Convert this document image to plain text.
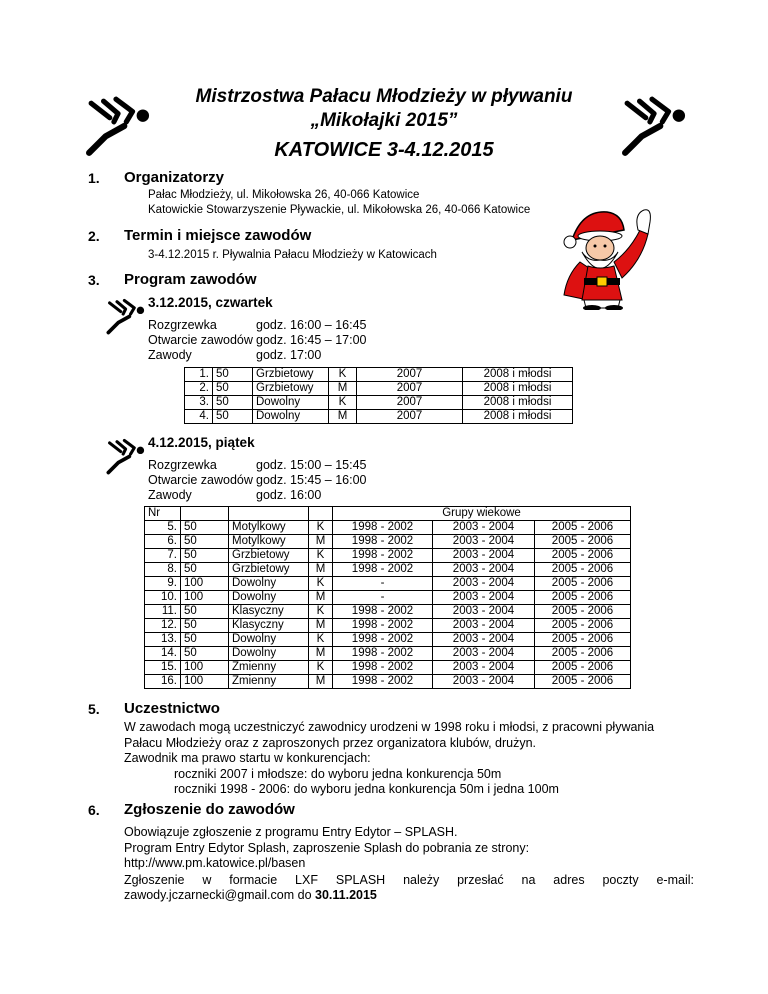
Mistrzostwa Pałacu Młodzieży w pływaniu
„Mikołajki 2015”
KATOWICE 3-4.12.2015
1. Organizatorzy
Pałac Młodzieży, ul. Mikołowska 26, 40-066 Katowice
Katowickie Stowarzyszenie Pływackie, ul. Mikołowska 26, 40-066 Katowice
2. Termin i miejsce zawodów
3-4.12.2015 r. Pływalnia Pałacu Młodzieży w Katowicach
3. Program zawodów
3.12.2015, czwartek
Rozgrzewka	godz. 16:00 – 16:45
Otwarcie zawodów	godz. 16:45 – 17:00
Zawody	godz. 17:00
1.	50	Grzbietowy	K	2007	2008 i młodsi
2.	50	Grzbietowy	M	2007	2008 i młodsi
3.	50	Dowolny	K	2007	2008 i młodsi
4.	50	Dowolny	M	2007	2008 i młodsi
4.12.2015, piątek
Rozgrzewka	godz. 15:00 – 15:45
Otwarcie zawodów	godz. 15:45 – 16:00
Zawody	godz. 16:00
Nr				Grupy wiekowe		
5.	50	Motylkowy	K	1998 - 2002	2003 - 2004	2005 - 2006
6.	50	Motylkowy	M	1998 - 2002	2003 - 2004	2005 - 2006
7.	50	Grzbietowy	K	1998 - 2002	2003 - 2004	2005 - 2006
8.	50	Grzbietowy	M	1998 - 2002	2003 - 2004	2005 - 2006
9.	100	Dowolny	K	-	2003 - 2004	2005 - 2006
10.	100	Dowolny	M	-	2003 - 2004	2005 - 2006
11.	50	Klasyczny	K	1998 - 2002	2003 - 2004	2005 - 2006
12.	50	Klasyczny	M	1998 - 2002	2003 - 2004	2005 - 2006
13.	50	Dowolny	K	1998 - 2002	2003 - 2004	2005 - 2006
14.	50	Dowolny	M	1998 - 2002	2003 - 2004	2005 - 2006
15.	100	Zmienny	K	1998 - 2002	2003 - 2004	2005 - 2006
16.	100	Zmienny	M	1998 - 2002	2003 - 2004	2005 - 2006
5. Uczestnictwo
W zawodach mogą uczestniczyć zawodnicy urodzeni w 1998 roku i młodsi, z pracowni pływania
Pałacu Młodzieży oraz z zaproszonych przez organizatora klubów, drużyn.
Zawodnik ma prawo startu w konkurencjach:
roczniki 2007 i młodsze: do wyboru jedna konkurencja 50m
roczniki 1998 - 2006: do wyboru jedna konkurencja 50m i jedna 100m
6. Zgłoszenie do zawodów
Obowiązuje zgłoszenie z programu Entry Edytor – SPLASH.
Program Entry Edytor Splash, zaproszenie Splash do pobrania ze strony:
http://www.pm.katowice.pl/basen
Zgłoszenie w formacie LXF SPLASH należy przesłać na adres poczty e-mail:
zawody.jczarnecki@gmail.com do 30.11.2015
